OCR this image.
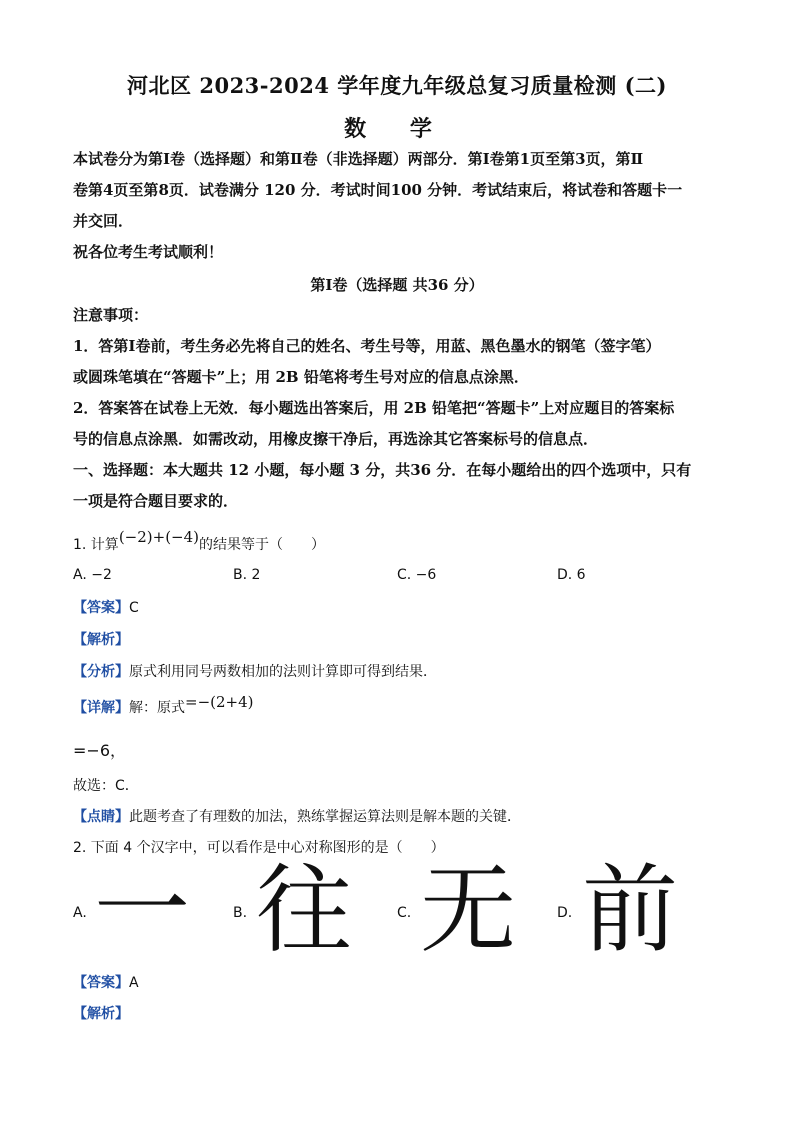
河北区 2023-2024 学年度九年级总复习质量检测 (二)
数 学
本试卷分为第Ⅰ卷（选择题）和第Ⅱ卷（非选择题）两部分．第Ⅰ卷第1页至第3页，第Ⅱ
卷第4页至第8页．试卷满分 120 分．考试时间100 分钟．考试结束后，将试卷和答题卡一
并交回．
祝各位考生考试顺利！
第Ⅰ卷（选择题 共36 分）
注意事项：
1．答第Ⅰ卷前，考生务必先将自己的姓名、考生号等，用蓝、黑色墨水的钢笔（签字笔）
或圆珠笔填在“答题卡”上；用 2B 铅笔将考生号对应的信息点涂黑．
2．答案答在试卷上无效．每小题选出答案后，用 2B 铅笔把“答题卡”上对应题目的答案标
号的信息点涂黑．如需改动，用橡皮擦干净后，再选涂其它答案标号的信息点．
一、选择题：本大题共 12 小题，每小题 3 分，共36 分．在每小题给出的四个选项中，只有
一项是符合题目要求的．
1. 计算(−2)+(−4)的结果等于（　　）
A. −2	B. 2	C. −6	D. 6
【答案】C
【解析】
【分析】原式利用同号两数相加的法则计算即可得到结果．
【详解】解：原式=−(2+4)
=−6，
故选：C．
【点睛】此题考查了有理数的加法，熟练掌握运算法则是解本题的关键．
2. 下面 4 个汉字中，可以看作是中心对称图形的是（　　）
A. 一	B. 往	C. 无	D. 前
【答案】A
【解析】
